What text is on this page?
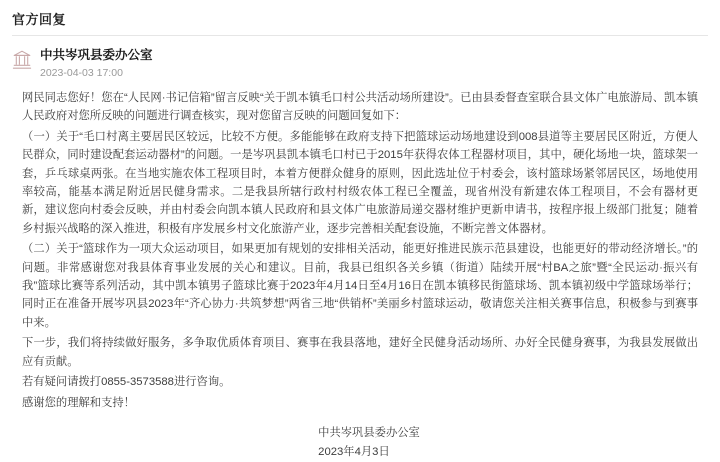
官方回复
中共岑巩县委办公室
2023-04-03 17:00

网民同志您好！您在“人民网·书记信箱”留言反映“关于凯本镇毛口村公共活动场所建设”。已由县委督查室联合县文体广电旅游局、凯本镇人民政府对您所反映的问题进行调查核实，现对您留言反映的问题回复如下：

（一）关于“毛口村离主要居民区较远，比较不方便。多能能够在政府支持下把篮球运动场地建设到008县道等主要居民区附近，方便人民群众，同时建设配套运动器材”的问题。一是岑巩县凯本镇毛口村已于2015年获得农体工程器材项目，其中，硬化场地一块，篮球架一套，乒乓球桌两张。在当地实施农体工程项目时，本着方便群众健身的原则，因此选址位于村委会，该村篮球场紧邻居民区，场地使用率较高，能基本满足附近居民健身需求。二是我县所辖行政村村级农体工程已全覆盖，现省州没有新建农体工程项目，不会有器材更新，建议您向村委会反映，并由村委会向凯本镇人民政府和县文体广电旅游局递交器材维护更新申请书，按程序报上级部门批复；随着乡村振兴战略的深入推进，积极有序发展乡村文化旅游产业，逐步完善相关配套设施，不断完善文体器材。

（二）关于“篮球作为一项大众运动项目，如果更加有规划的安排相关活动，能更好推进民族示范县建设，也能更好的带动经济增长。”的问题。非常感谢您对我县体育事业发展的关心和建议。目前，我县已组织各关乡镇（街道）陆续开展“村BA之旅”暨“全民运动·振兴有我”篮球比赛等系列活动，其中凯本镇男子篮球比赛于2023年4月14日至4月16日在凯本镇移民街篮球场、凯本镇初级中学篮球场举行；同时正在准备开展岑巩县2023年“齐心协力·共筑梦想”两省三地“供销杯”美丽乡村篮球运动，敬请您关注相关赛事信息，积极参与到赛事中来。

下一步，我们将持续做好服务，多争取优质体育项目、赛事在我县落地，建好全民健身活动场所、办好全民健身赛事，为我县发展做出应有贡献。

若有疑问请拨打0855-3573588进行咨询。

感谢您的理解和支持！

中共岑巩县委办公室
2023年4月3日
